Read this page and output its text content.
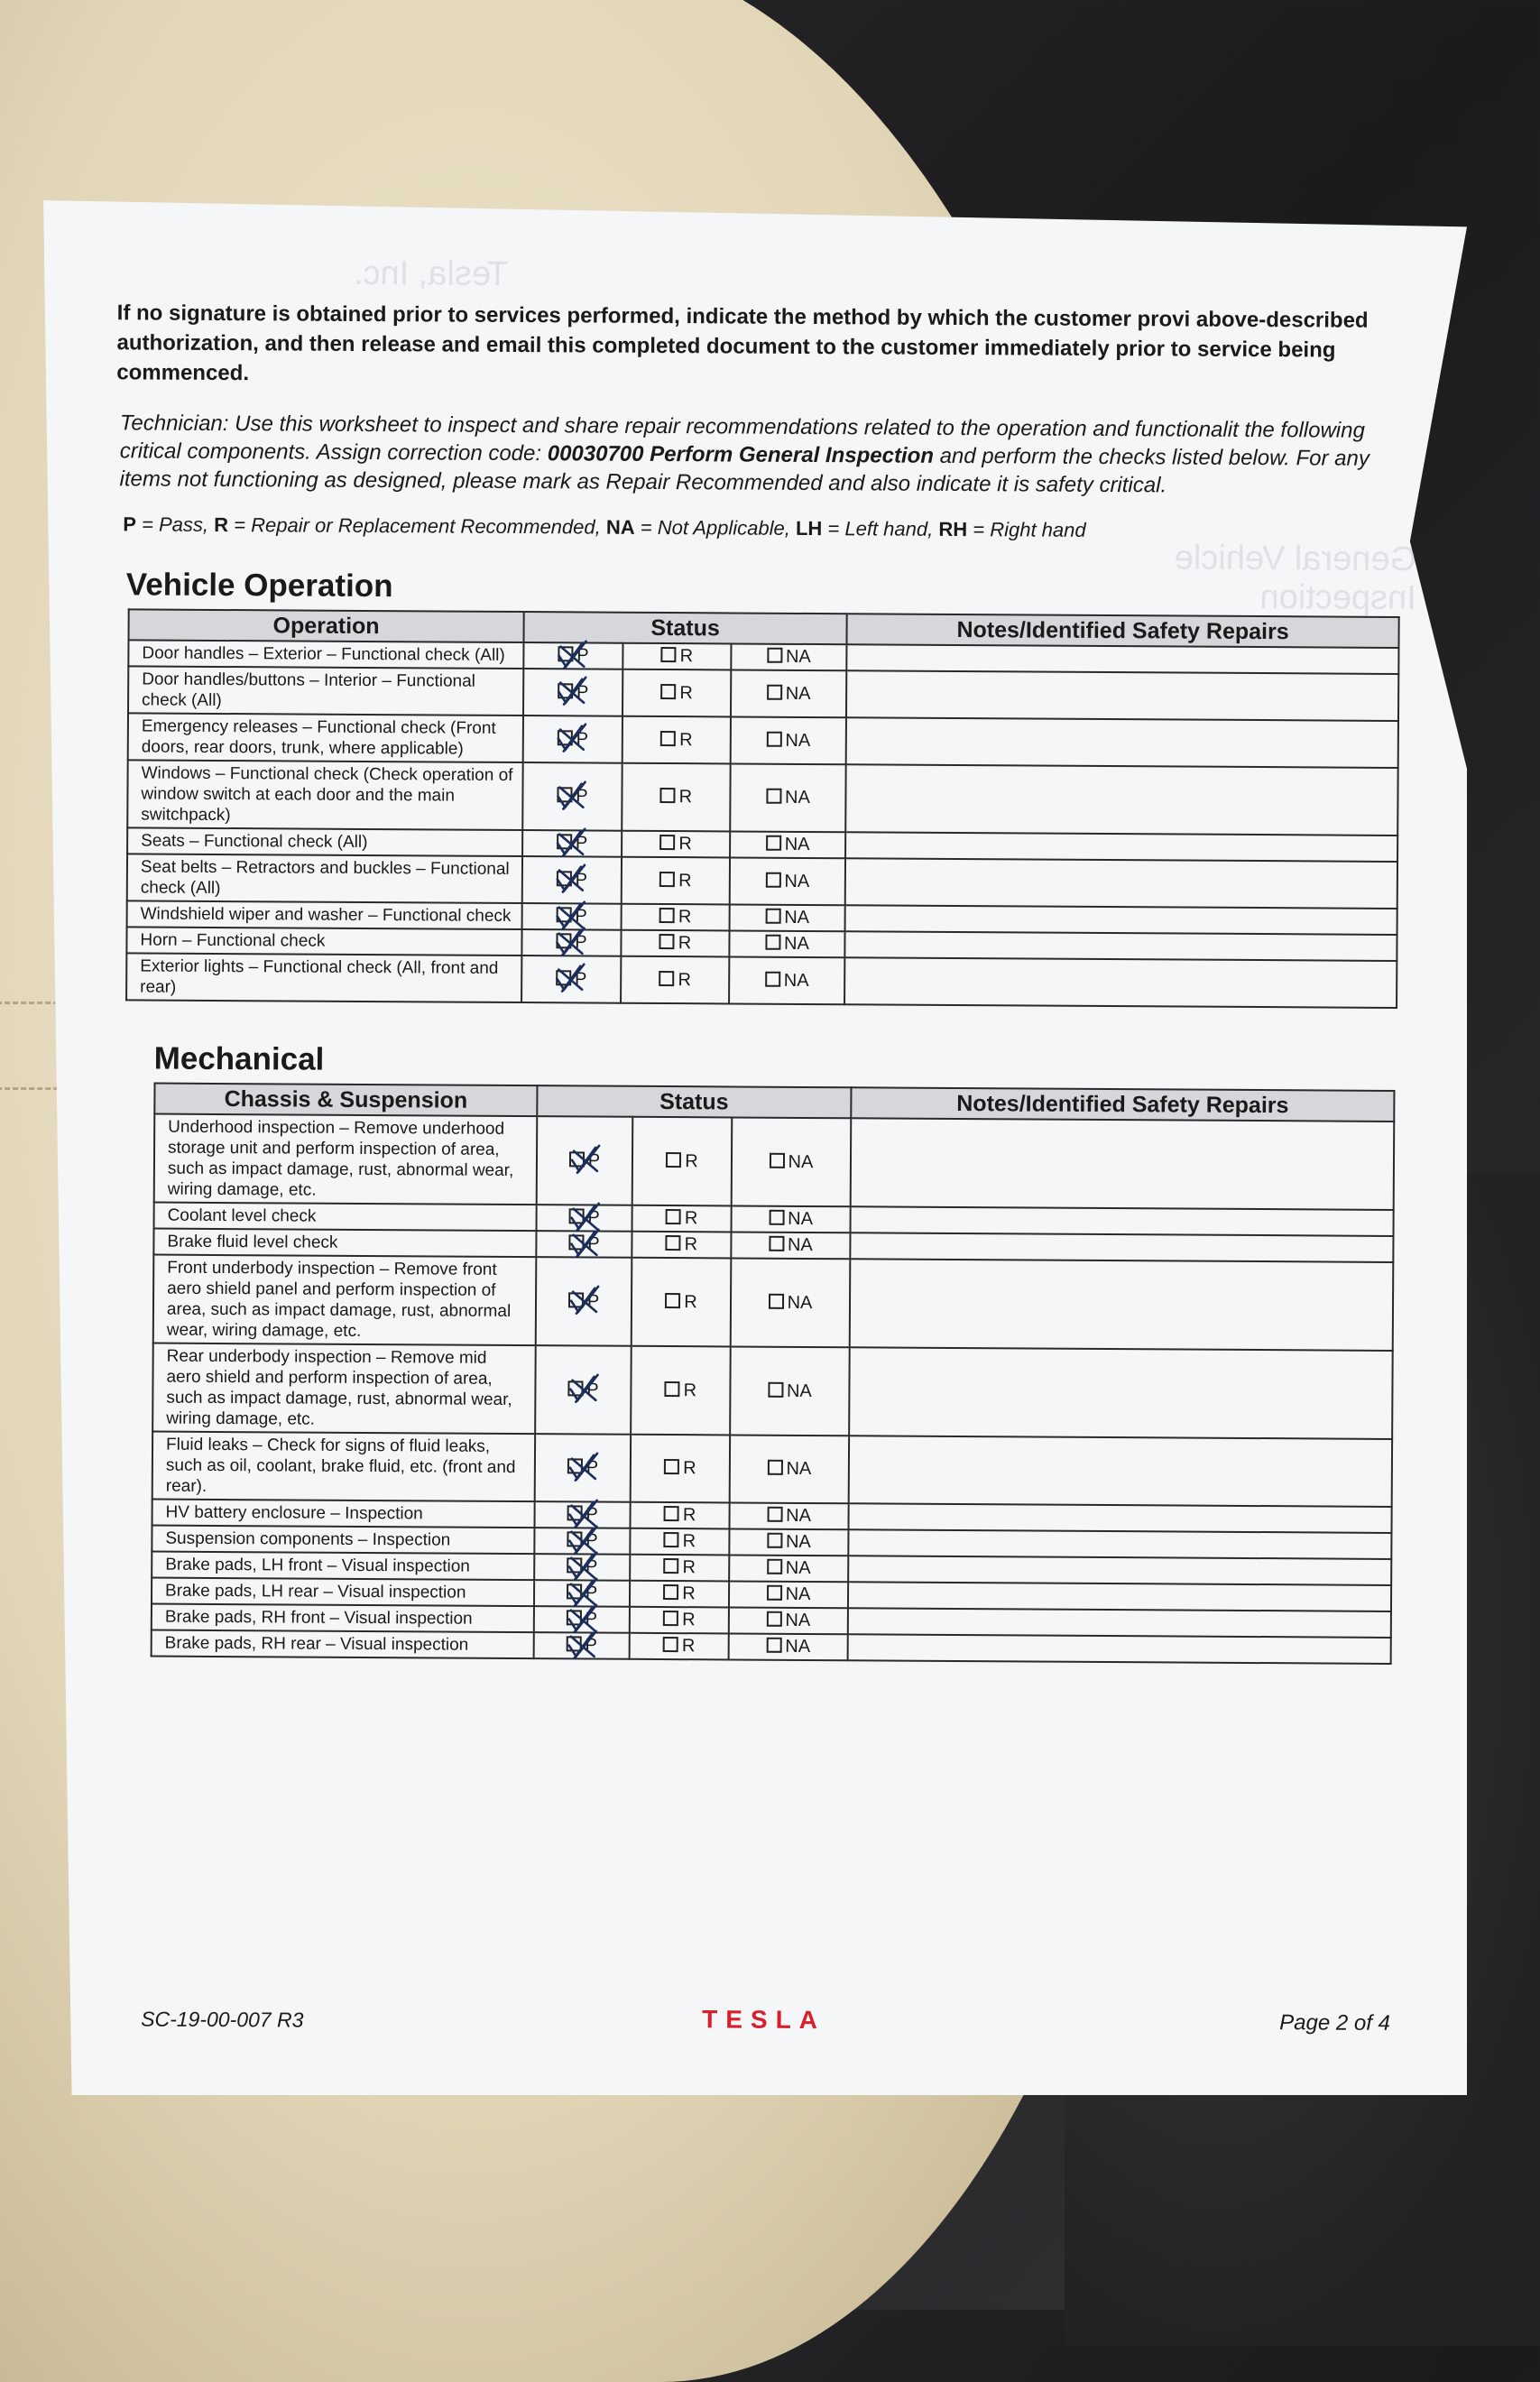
Tesla, Inc.
General Vehicle Inspection
If no signature is obtained prior to services performed, indicate the method by which the customer provi above-described authorization, and then release and email this completed document to the customer immediately prior to service being commenced.
Technician: Use this worksheet to inspect and share repair recommendations related to the operation and functionalit the following critical components. Assign correction code: 00030700 Perform General Inspection and perform the checks listed below. For any items not functioning as designed, please mark as Repair Recommended and also indicate it is safety critical.
P = Pass, R = Repair or Replacement Recommended, NA = Not Applicable, LH = Left hand, RH = Right hand
Vehicle Operation
Operation	Status			Notes/Identified Safety Repairs
Door handles – Exterior – Functional check (All)	P	R	NA	
Door handles/buttons – Interior – Functional check (All)	P	R	NA	
Emergency releases – Functional check (Front doors, rear doors, trunk, where applicable)	P	R	NA	
Windows – Functional check (Check operation of window switch at each door and the main switchpack)	P	R	NA	
Seats – Functional check (All)	P	R	NA	
Seat belts – Retractors and buckles – Functional check (All)	P	R	NA	
Windshield wiper and washer – Functional check	P	R	NA	
Horn – Functional check	P	R	NA	
Exterior lights – Functional check (All, front and rear)	P	R	NA	
Mechanical
Chassis & Suspension	Status			Notes/Identified Safety Repairs
Underhood inspection – Remove underhood storage unit and perform inspection of area, such as impact damage, rust, abnormal wear, wiring damage, etc.	P	R	NA	
Coolant level check	P	R	NA	
Brake fluid level check	P	R	NA	
Front underbody inspection – Remove front aero shield panel and perform inspection of area, such as impact damage, rust, abnormal wear, wiring damage, etc.	P	R	NA	
Rear underbody inspection – Remove mid aero shield and perform inspection of area, such as impact damage, rust, abnormal wear, wiring damage, etc.	P	R	NA	
Fluid leaks – Check for signs of fluid leaks, such as oil, coolant, brake fluid, etc. (front and rear).	P	R	NA	
HV battery enclosure – Inspection	P	R	NA	
Suspension components – Inspection	P	R	NA	
Brake pads, LH front – Visual inspection	P	R	NA	
Brake pads, LH rear – Visual inspection	P	R	NA	
Brake pads, RH front – Visual inspection	P	R	NA	
Brake pads, RH rear – Visual inspection	P	R	NA	
SC-19-00-007 R3	TESLA	Page 2 of 4
